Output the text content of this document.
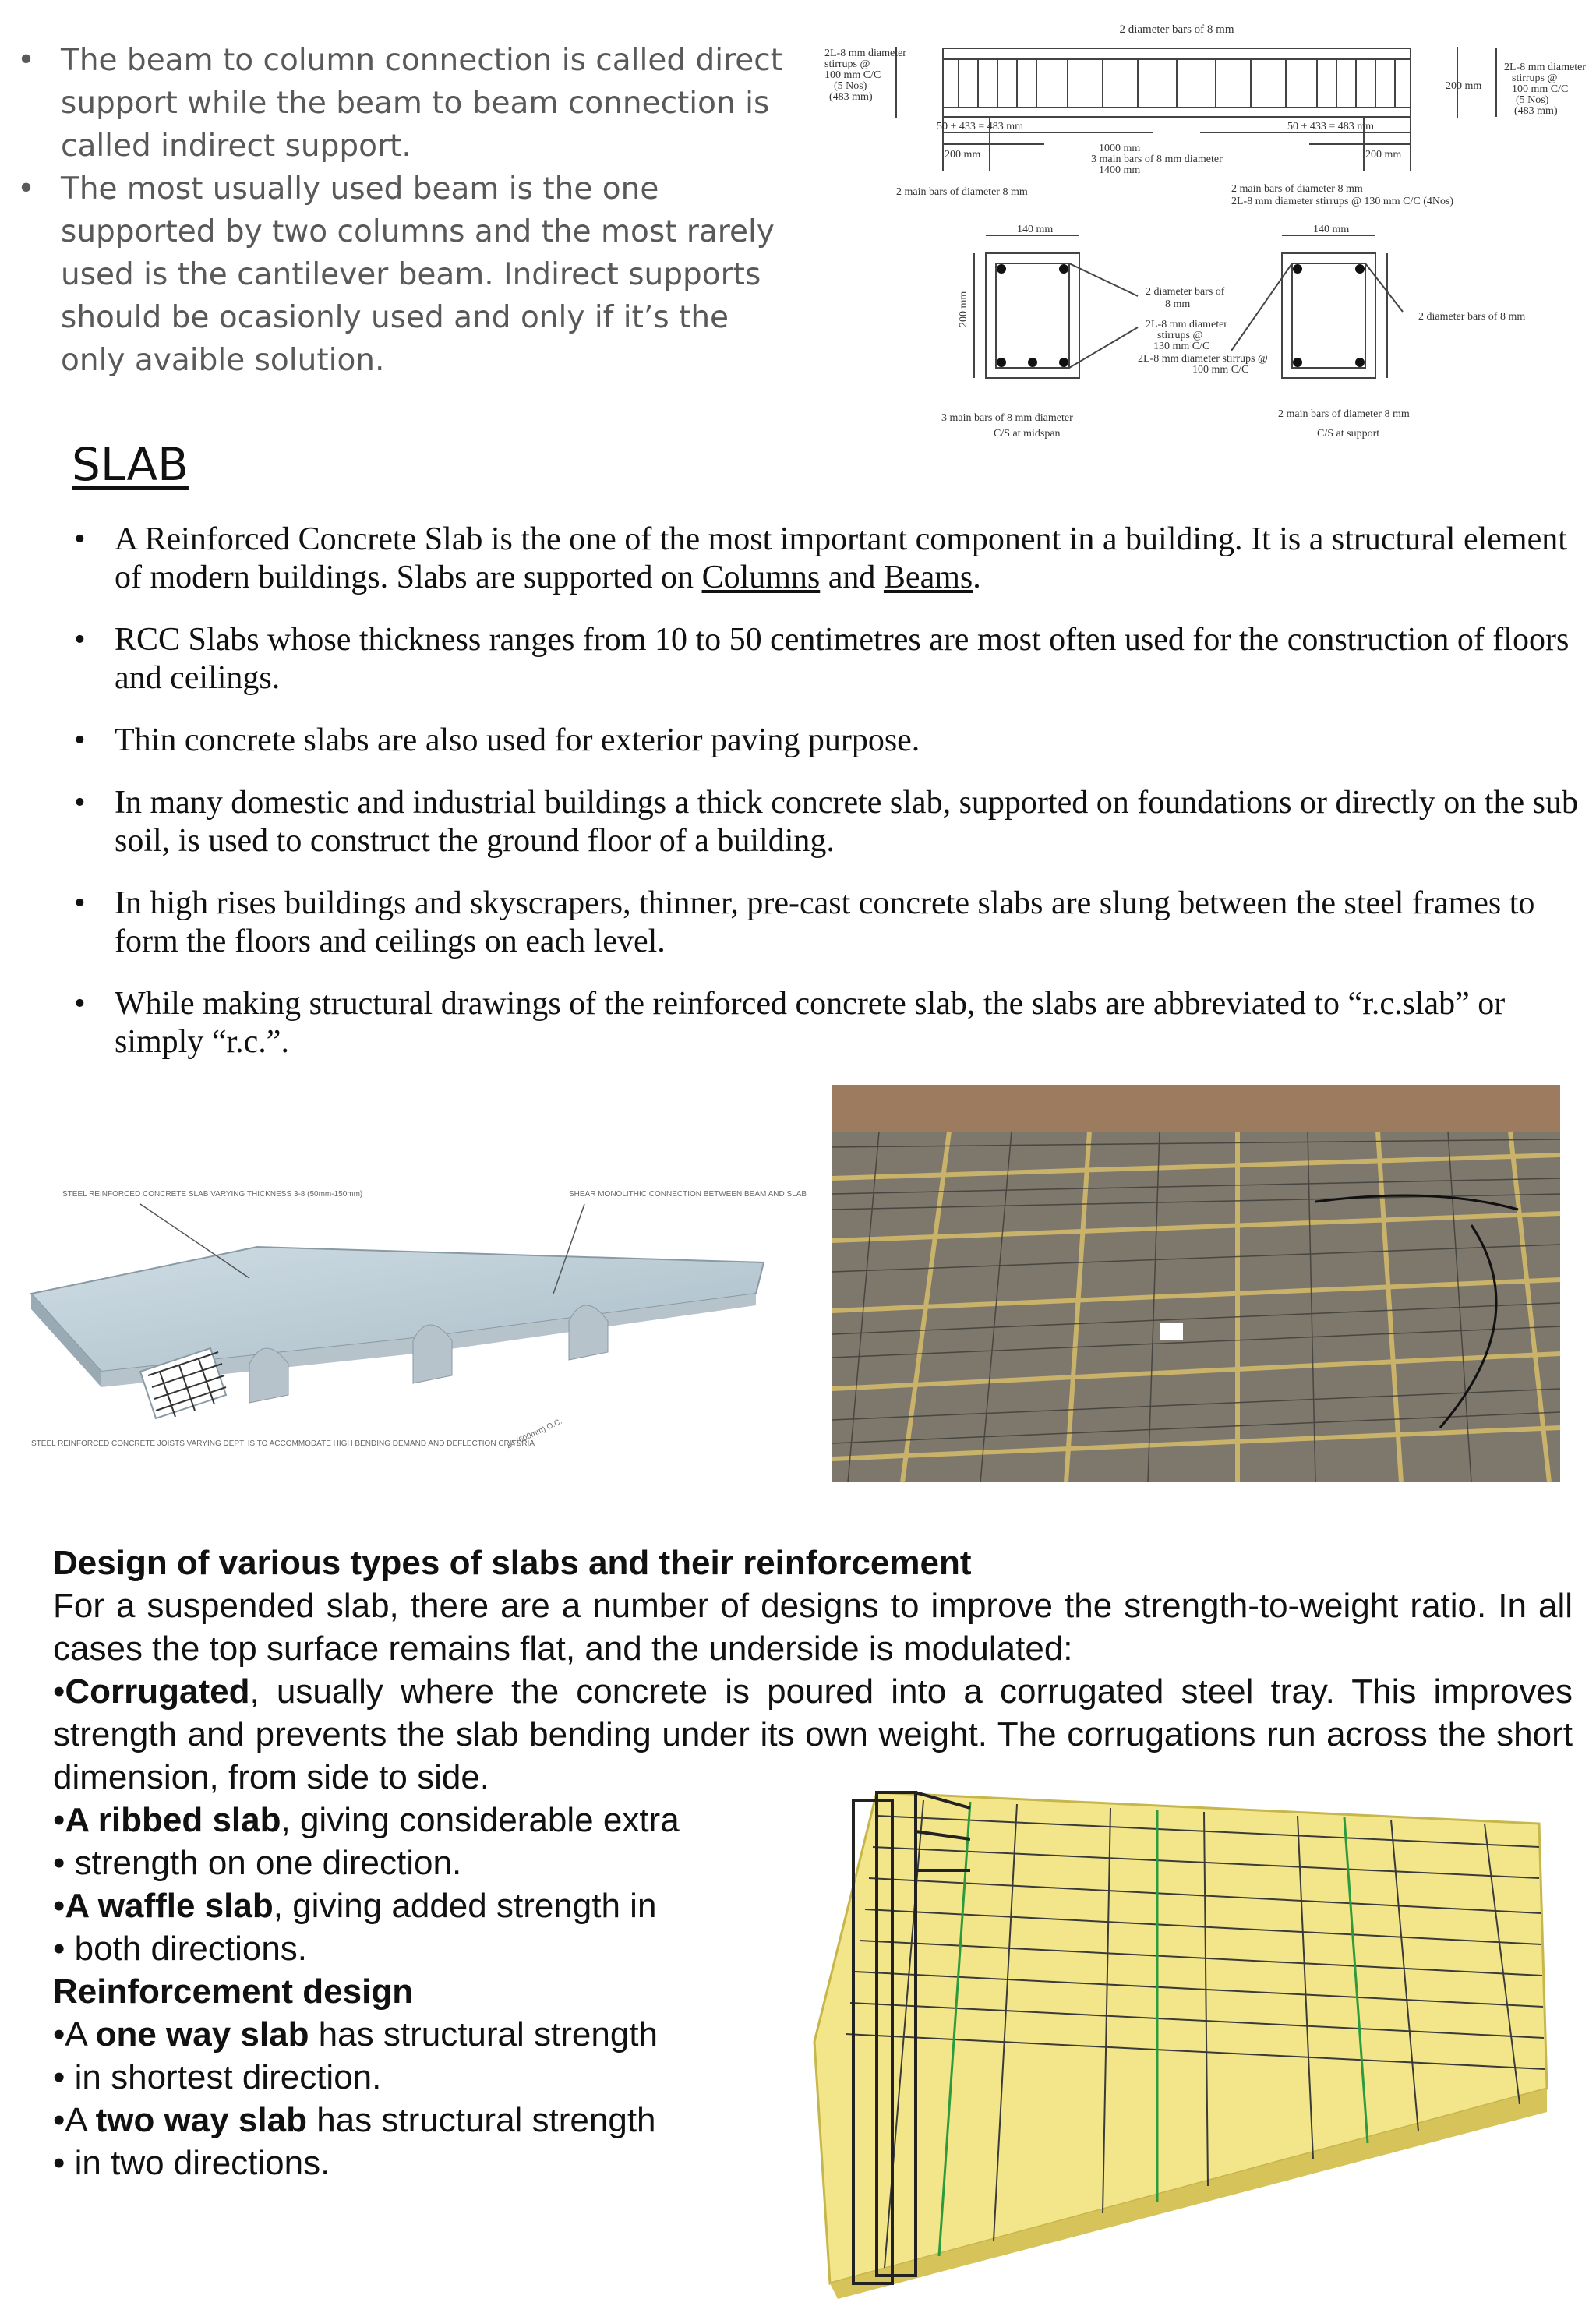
• The beam to column connection is called direct support while the beam to beam connection is called indirect support.
• The most usually used beam is the one supported by two columns and the most rarely used is the cantilever beam. Indirect supports should be ocasionly used and only if it’s the only avaible solution.
2 diameter bars of 8 mm
2L-8 mm diameter
stirrups @
100 mm C/C
(5 Nos)
(483 mm)
2L-8 mm diameter
stirrups @
100 mm C/C
(5 Nos)
(483 mm)
200 mm
50 + 433 = 483 mm	50 + 433 = 483 mm
200 mm	200 mm
1000 mm
3 main bars of 8 mm diameter
1400 mm
2 main bars of diameter 8 mm	2 main bars of diameter 8 mm
2L-8 mm diameter stirrups @ 130 mm C/C (4Nos)
140 mm	140 mm
200 mm	2 diameter bars of
8 mm
2L-8 mm diameter
stirrups @
130 mm C/C
2L-8 mm diameter stirrups @
100 mm C/C
2 diameter bars of 8 mm
3 main bars of 8 mm diameter
C/S at midspan
2 main bars of diameter 8 mm
C/S at support
SLAB
• A Reinforced Concrete Slab is the one of the most important component in a building. It is a structural element of modern buildings. Slabs are supported on Columns and Beams.
• RCC Slabs whose thickness ranges from 10 to 50 centimetres are most often used for the construction of floors and ceilings.
• Thin concrete slabs are also used for exterior paving purpose.
• In many domestic and industrial buildings a thick concrete slab, supported on foundations or directly on the sub soil, is used to construct the ground floor of a building.
• In high rises buildings and skyscrapers, thinner, pre-cast concrete slabs are slung between the steel frames to form the floors and ceilings on each level.
• While making structural drawings of the reinforced concrete slab, the slabs are abbreviated to “r.c.slab” or simply “r.c.”.
STEEL REINFORCED CONCRETE SLAB VARYING THICKNESS 3-8 (50mm-150mm)	SHEAR MONOLITHIC CONNECTION BETWEEN BEAM AND SLAB
STEEL REINFORCED CONCRETE JOISTS VARYING DEPTHS TO ACCOMMODATE HIGH BENDING DEMAND AND DEFLECTION CRITERIA
24 (600mm) O.C.
Design of various types of slabs and their reinforcement
For a suspended slab, there are a number of designs to improve the strength-to-weight ratio. In all cases the top surface remains flat, and the underside is modulated:
•Corrugated, usually where the concrete is poured into a corrugated steel tray. This improves strength and prevents the slab bending under its own weight. The corrugations run across the short dimension, from side to side.
•A ribbed slab, giving considerable extra
• strength on one direction.
•A waffle slab, giving added strength in
• both directions.
Reinforcement design
•A one way slab has structural strength
• in shortest direction.
•A two way slab has structural strength
• in two directions.
